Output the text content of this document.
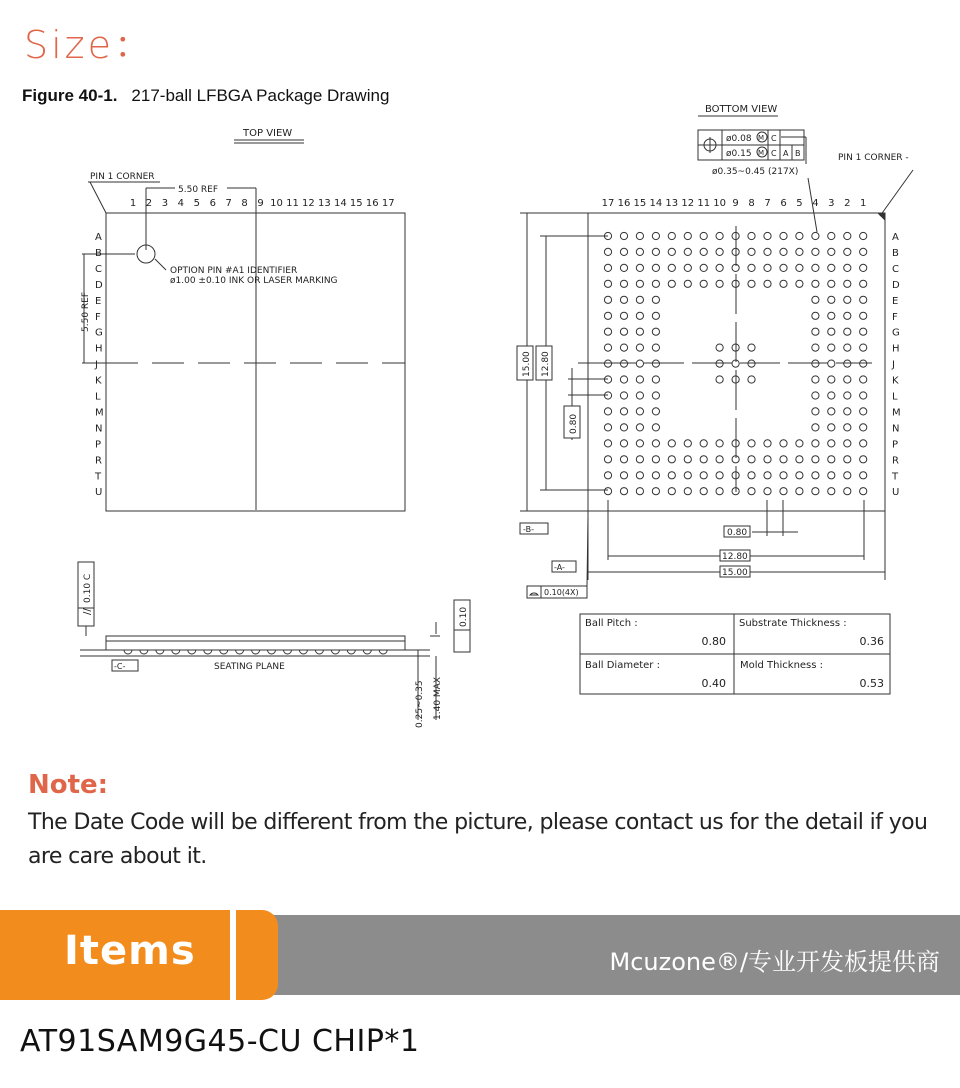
Size：
Figure 40-1. 217-ball LFBGA Package Drawing
TOP VIEW
PIN 1 CORNER
5.50 REF
1 2 3 4 5 6 7 8 9 10 11 12 13 14 15 16 17
OPTION PIN #A1 IDENTIFIER
ø1.00 ±0.10 INK OR LASER MARKING
5.50 REF
A
B
C
D
E
F
G
H
J
K
L
M
N
P
R
T
U
0.10 C
//
-C-	SEATING PLANE
0.10
0.25~0.35 1.40 MAX
BOTTOM VIEW
ø0.08
ø0.15
M
M
C
C A B
ø0.35~0.45 (217X)
PIN 1 CORNER -
17 16 15 14 13 12 11 10 9 8 7 6 5 4 3 2 1
A
B
C
D
E
F
G
H
J
K
L
M
N
P
R
T
U
15.00 12.80
0.80
-B-	0.80
12.80
15.00
-A-
0.10(4X)
Ball Pitch :
0.80
Substrate Thickness :
0.36
Ball Diameter :
0.40
Mold Thickness :
0.53
Note:
The Date Code will be different from the picture, please contact us for the detail if you are care about it.
Items	Mcuzone®/专业开发板提供商
AT91SAM9G45-CU CHIP*1
